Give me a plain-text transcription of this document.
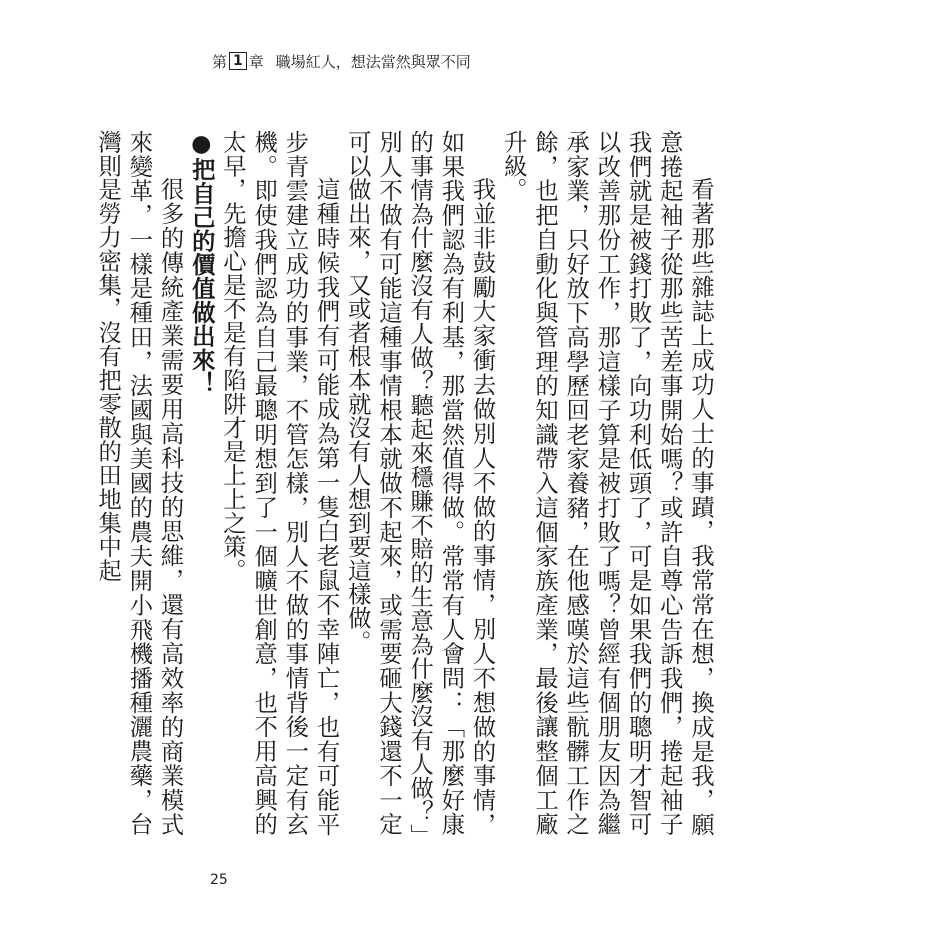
第 1 章 職場紅人，想法當然與眾不同

看著那些雜誌上成功人士的事蹟，我常常在想，換成是我，願意捲起袖子從那些苦差事開始嗎？或許自尊心告訴我們，捲起袖子我們就是被錢打敗了，向功利低頭了，可是如果我們的聰明才智可以改善那份工作，那這樣子算是被打敗了嗎？曾經有個朋友因為繼承家業，只好放下高學歷回老家養豬，在他感嘆於這些骯髒工作之餘，也把自動化與管理的知識帶入這個家族產業，最後讓整個工廠升級。

我並非鼓勵大家衝去做別人不做的事情，別人不想做的事情，如果我們認為有利基，那當然值得做。常常有人會問：「那麼好康的事情為什麼沒有人做？聽起來穩賺不賠的生意為什麼沒有人做？」別人不做有可能這種事情根本就做不起來，或需要砸大錢還不一定可以做出來，又或者根本就沒有人想到要這樣做。

這種時候我們有可能成為第一隻白老鼠不幸陣亡，也有可能平步青雲建立成功的事業，不管怎樣，別人不做的事情背後一定有玄機。即使我們認為自己最聰明想到了一個曠世創意，也不用高興的太早，先擔心是不是有陷阱才是上上之策。

●把自己的價值做出來！

很多的傳統產業需要用高科技的思維，還有高效率的商業模式來變革，一樣是種田，法國與美國的農夫開小飛機播種灑農藥，台灣則是勞力密集，沒有把零散的田地集中起

25
